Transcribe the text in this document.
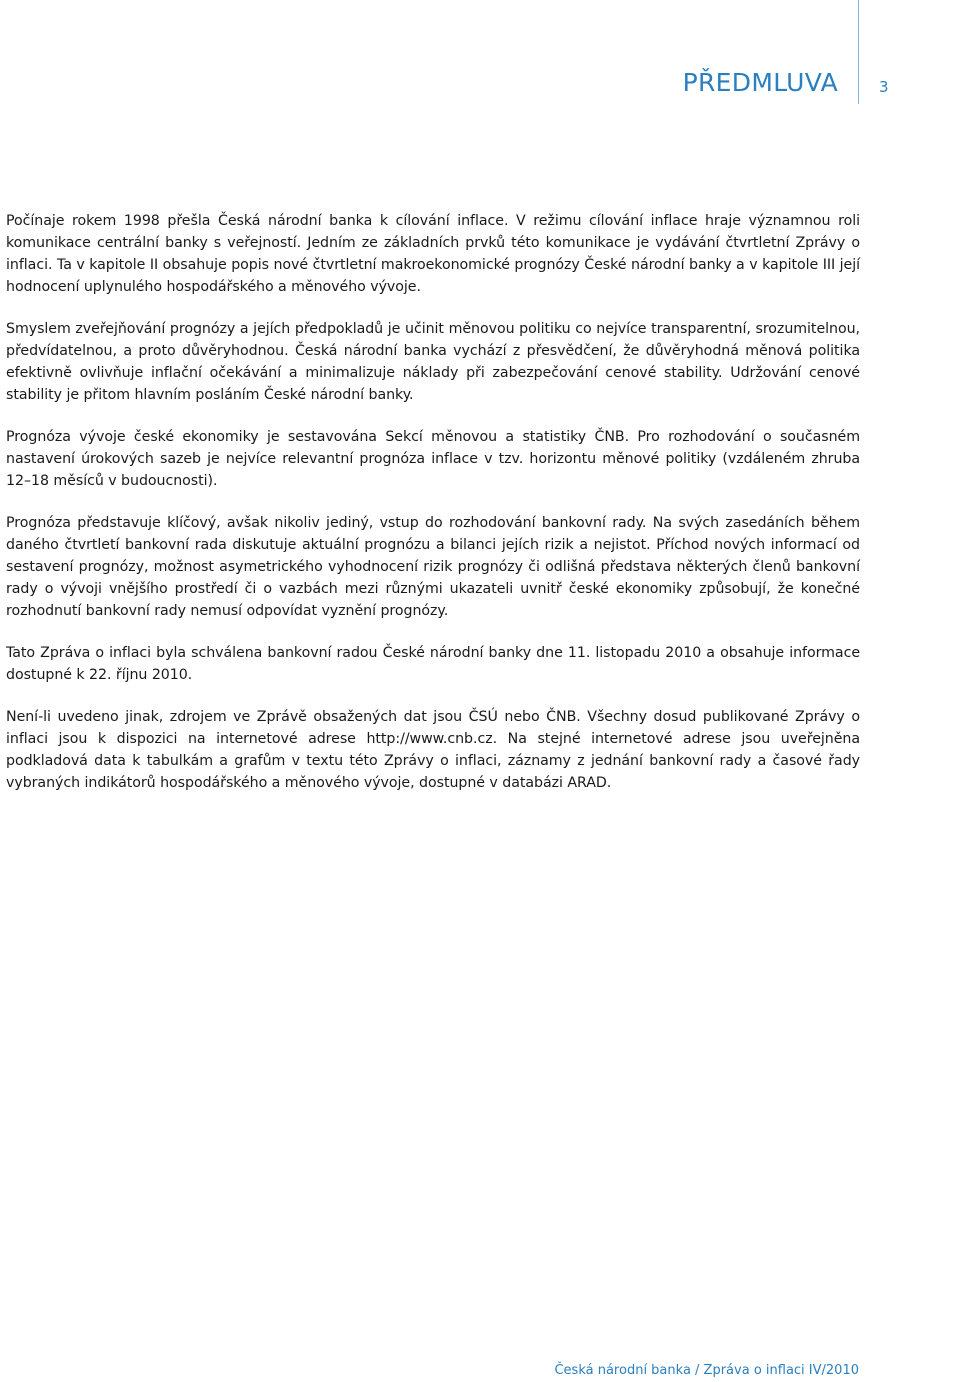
PŘEDMLUVA	3

Počínaje rokem 1998 přešla Česká národní banka k cílování inflace. V režimu cílování inflace hraje významnou roli komunikace centrální banky s veřejností. Jedním ze základních prvků této komunikace je vydávání čtvrtletní Zprávy o inflaci. Ta v kapitole II obsahuje popis nové čtvrtletní makroekonomické prognózy České národní banky a v kapitole III její hodnocení uplynulého hospodářského a měnového vývoje.

Smyslem zveřejňování prognózy a jejích předpokladů je učinit měnovou politiku co nejvíce transparentní, srozumitelnou, předvídatelnou, a proto důvěryhodnou. Česká národní banka vychází z přesvědčení, že důvěryhodná měnová politika efektivně ovlivňuje inflační očekávání a minimalizuje náklady při zabezpečování cenové stability. Udržování cenové stability je přitom hlavním posláním České národní banky.

Prognóza vývoje české ekonomiky je sestavována Sekcí měnovou a statistiky ČNB. Pro rozhodování o současném nastavení úrokových sazeb je nejvíce relevantní prognóza inflace v tzv. horizontu měnové politiky (vzdáleném zhruba 12–18 měsíců v budoucnosti).

Prognóza představuje klíčový, avšak nikoliv jediný, vstup do rozhodování bankovní rady. Na svých zasedáních během daného čtvrtletí bankovní rada diskutuje aktuální prognózu a bilanci jejích rizik a nejistot. Příchod nových informací od sestavení prognózy, možnost asymetrického vyhodnocení rizik prognózy či odlišná představa některých členů bankovní rady o vývoji vnějšího prostředí či o vazbách mezi různými ukazateli uvnitř české ekonomiky způsobují, že konečné rozhodnutí bankovní rady nemusí odpovídat vyznění prognózy.

Tato Zpráva o inflaci byla schválena bankovní radou České národní banky dne 11. listopadu 2010 a obsahuje informace dostupné k 22. říjnu 2010.

Není-li uvedeno jinak, zdrojem ve Zprávě obsažených dat jsou ČSÚ nebo ČNB. Všechny dosud publikované Zprávy o inflaci jsou k dispozici na internetové adrese http://www.cnb.cz. Na stejné internetové adrese jsou uveřejněna podkladová data k tabulkám a grafům v textu této Zprávy o inflaci, záznamy z jednání bankovní rady a časové řady vybraných indikátorů hospodářského a měnového vývoje, dostupné v databázi ARAD.

Česká národní banka / Zpráva o inflaci IV/2010
